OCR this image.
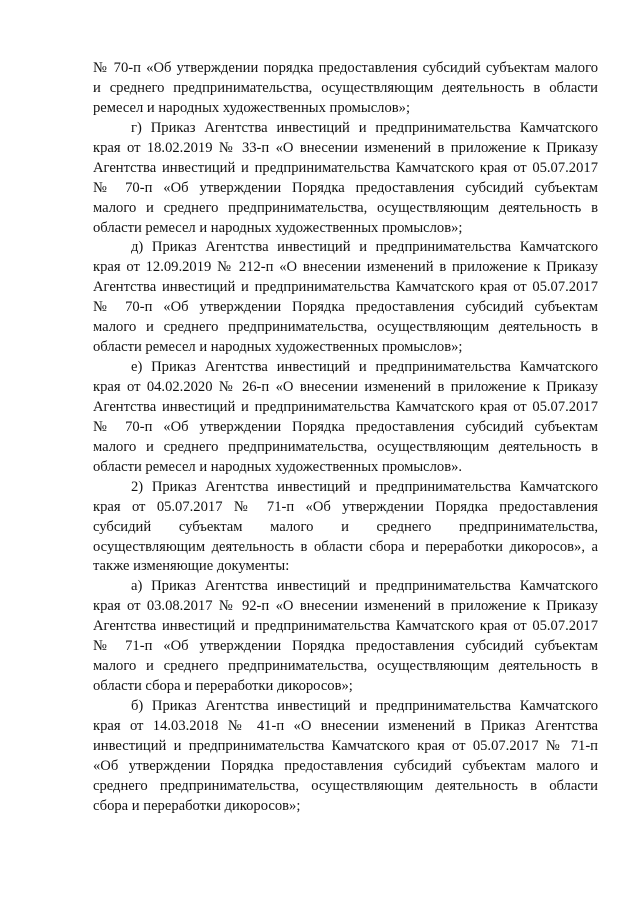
№ 70-п «Об утверждении порядка предоставления субсидий субъектам малого
и среднего предпринимательства, осуществляющим деятельность в области
ремесел и народных художественных промыслов»;
г) Приказ Агентства инвестиций и предпринимательства Камчатского
края от 18.02.2019 № 33-п «О внесении изменений в приложение к Приказу
Агентства инвестиций и предпринимательства Камчатского края от 05.07.2017
№ 70-п «Об утверждении Порядка предоставления субсидий субъектам
малого и среднего предпринимательства, осуществляющим деятельность в
области ремесел и народных художественных промыслов»;
д) Приказ Агентства инвестиций и предпринимательства Камчатского
края от 12.09.2019 № 212-п «О внесении изменений в приложение к Приказу
Агентства инвестиций и предпринимательства Камчатского края от 05.07.2017
№ 70-п «Об утверждении Порядка предоставления субсидий субъектам
малого и среднего предпринимательства, осуществляющим деятельность в
области ремесел и народных художественных промыслов»;
е) Приказ Агентства инвестиций и предпринимательства Камчатского
края от 04.02.2020 № 26-п «О внесении изменений в приложение к Приказу
Агентства инвестиций и предпринимательства Камчатского края от 05.07.2017
№ 70-п «Об утверждении Порядка предоставления субсидий субъектам
малого и среднего предпринимательства, осуществляющим деятельность в
области ремесел и народных художественных промыслов».
2) Приказ Агентства инвестиций и предпринимательства Камчатского
края от 05.07.2017 № 71-п «Об утверждении Порядка предоставления
субсидий субъектам малого и среднего предпринимательства,
осуществляющим деятельность в области сбора и переработки дикоросов», а
также изменяющие документы:
а) Приказ Агентства инвестиций и предпринимательства Камчатского
края от 03.08.2017 № 92-п «О внесении изменений в приложение к Приказу
Агентства инвестиций и предпринимательства Камчатского края от 05.07.2017
№ 71-п «Об утверждении Порядка предоставления субсидий субъектам
малого и среднего предпринимательства, осуществляющим деятельность в
области сбора и переработки дикоросов»;
б) Приказ Агентства инвестиций и предпринимательства Камчатского
края от 14.03.2018 № 41-п «О внесении изменений в Приказ Агентства
инвестиций и предпринимательства Камчатского края от 05.07.2017 № 71-п
«Об утверждении Порядка предоставления субсидий субъектам малого и
среднего предпринимательства, осуществляющим деятельность в области
сбора и переработки дикоросов»;
